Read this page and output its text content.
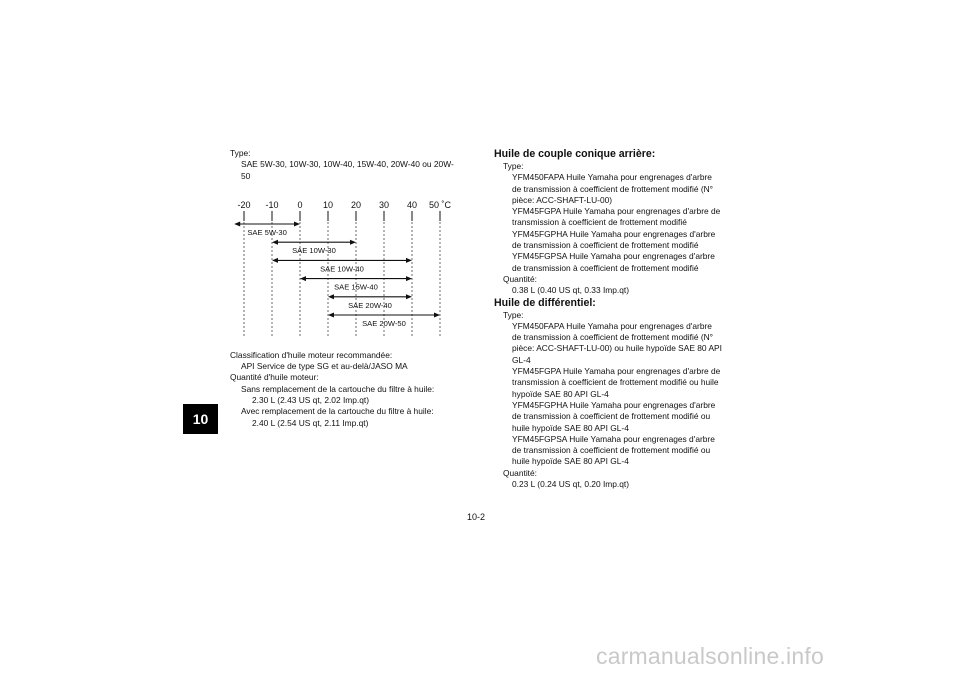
10
Type:
SAE 5W-30, 10W-30, 10W-40, 15W-40, 20W-40 ou 20W-
50
Classification d'huile moteur recommandée:
API Service de type SG et au-delà/JASO MA
Quantité d'huile moteur:
Sans remplacement de la cartouche du filtre à huile:
2.30 L (2.43 US qt, 2.02 Imp.qt)
Avec remplacement de la cartouche du filtre à huile:
2.40 L (2.54 US qt, 2.11 Imp.qt)
-20 -10 0 10 20 30 40 50 ˚C
SAE 5W-30
SAE 10W-30
SAE 10W-40
SAE 15W-40
SAE 20W-40
SAE 20W-50
Huile de couple conique arrière:
Type:
YFM450FAPA Huile Yamaha pour engrenages d'arbre
de transmission à coefficient de frottement modifié (N°
pièce: ACC-SHAFT-LU-00)
YFM45FGPA Huile Yamaha pour engrenages d'arbre de
transmission à coefficient de frottement modifié
YFM45FGPHA Huile Yamaha pour engrenages d'arbre
de transmission à coefficient de frottement modifié
YFM45FGPSA Huile Yamaha pour engrenages d'arbre
de transmission à coefficient de frottement modifié
Quantité:
0.38 L (0.40 US qt, 0.33 Imp.qt)
Huile de différentiel:
Type:
YFM450FAPA Huile Yamaha pour engrenages d'arbre
de transmission à coefficient de frottement modifié (N°
pièce: ACC-SHAFT-LU-00) ou huile hypoïde SAE 80 API
GL-4
YFM45FGPA Huile Yamaha pour engrenages d'arbre de
transmission à coefficient de frottement modifié ou huile
hypoïde SAE 80 API GL-4
YFM45FGPHA Huile Yamaha pour engrenages d'arbre
de transmission à coefficient de frottement modifié ou
huile hypoïde SAE 80 API GL-4
YFM45FGPSA Huile Yamaha pour engrenages d'arbre
de transmission à coefficient de frottement modifié ou
huile hypoïde SAE 80 API GL-4
Quantité:
0.23 L (0.24 US qt, 0.20 Imp.qt)
10-2
carmanualsonline.info
